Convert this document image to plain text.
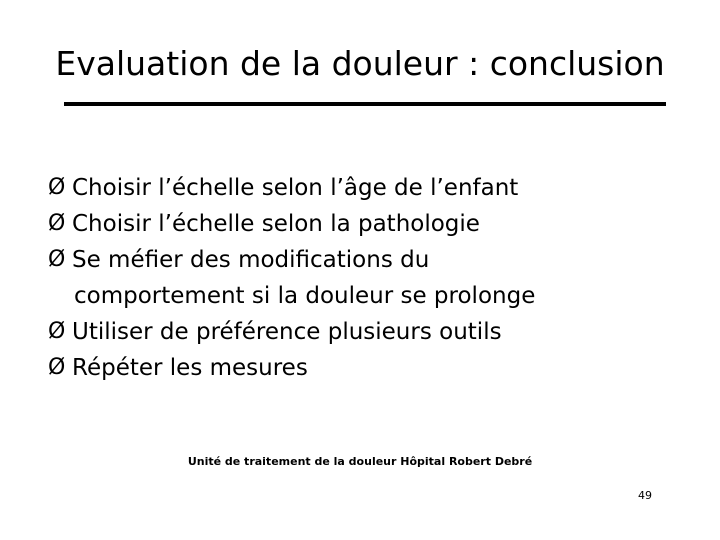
Evaluation de la douleur : conclusion
Ø Choisir l’échelle selon l’âge de l’enfant
Ø Choisir l’échelle selon la pathologie
Ø Se méfier des modifications du
comportement si la douleur se prolonge
Ø Utiliser de préférence plusieurs outils
Ø Répéter les mesures
Unité de traitement de la douleur Hôpital Robert Debré
49
